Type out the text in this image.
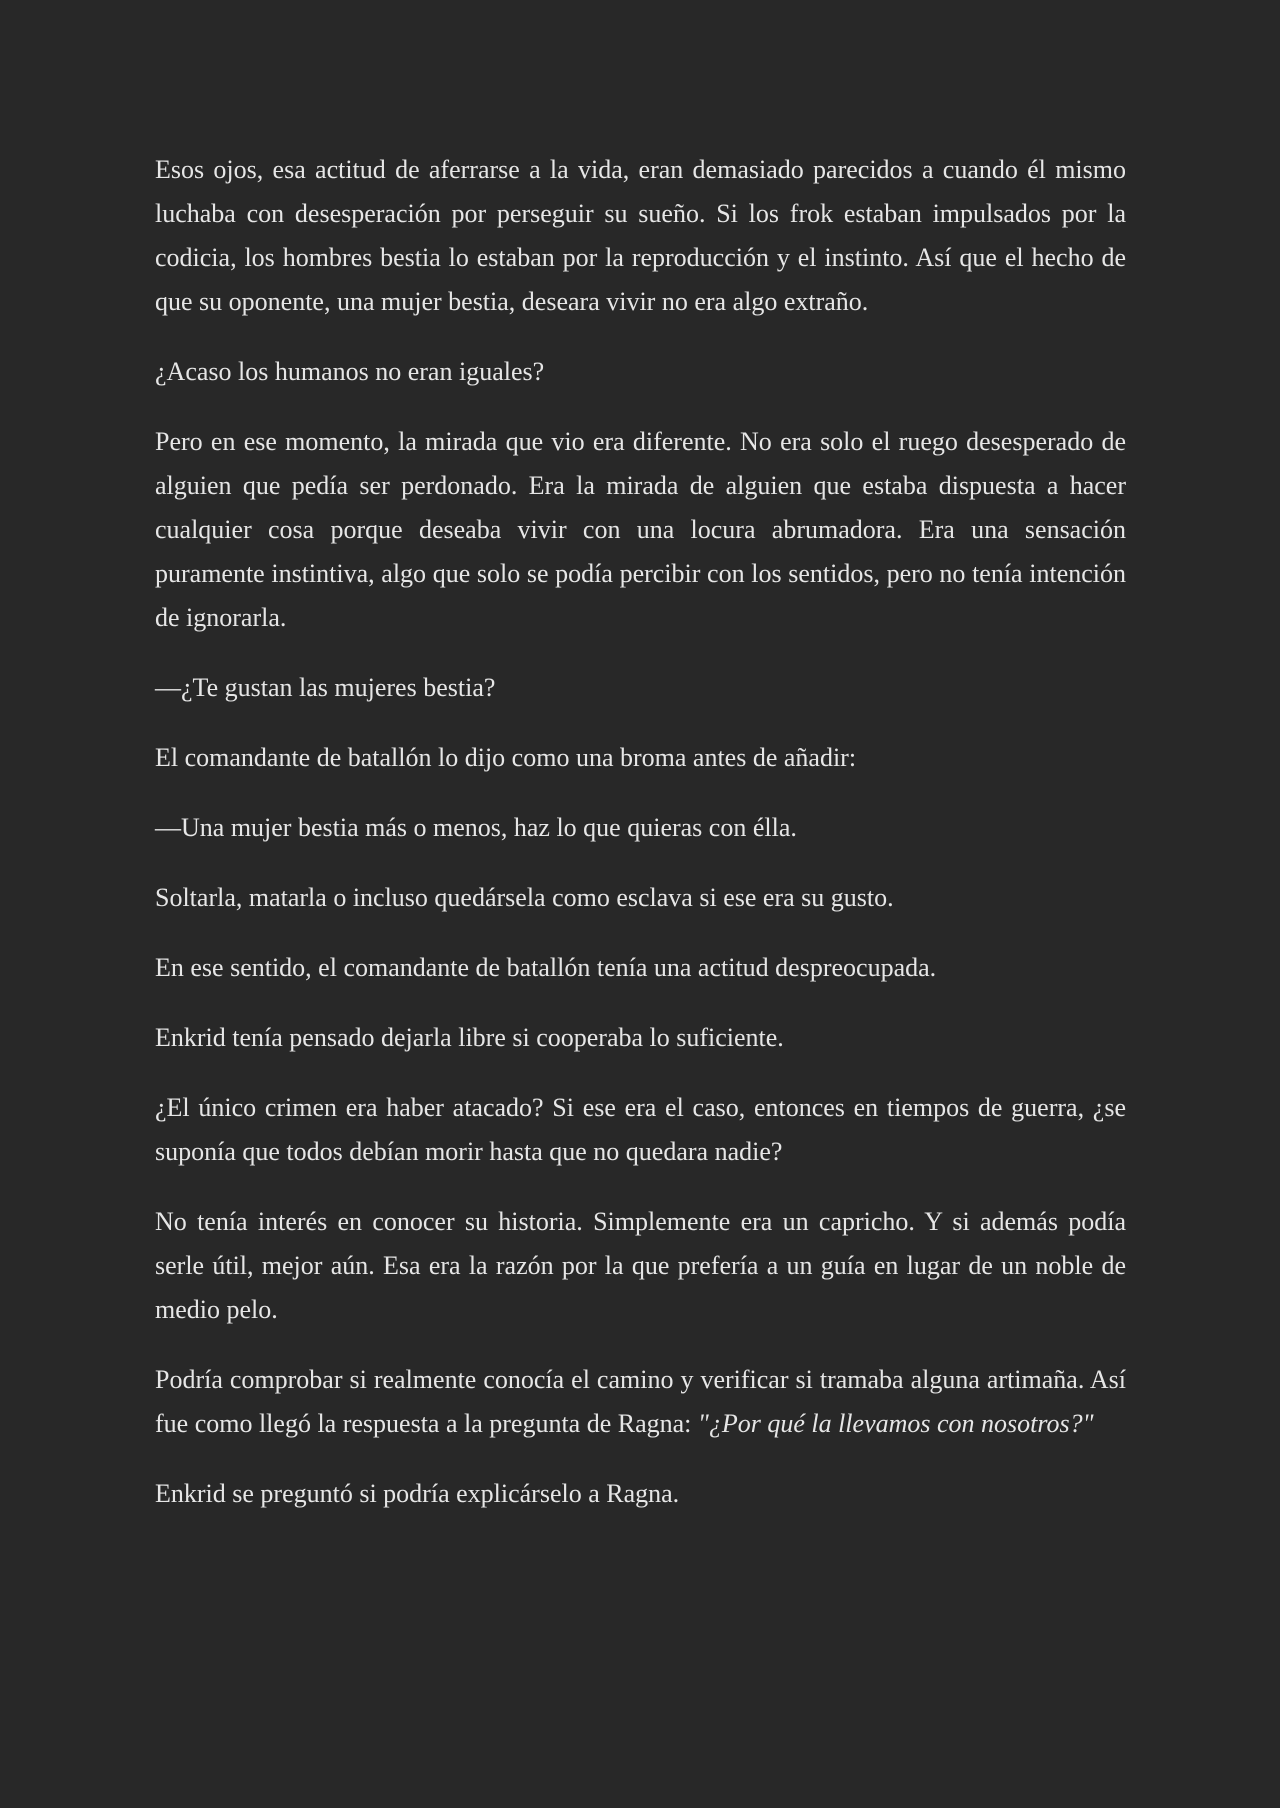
Esos ojos, esa actitud de aferrarse a la vida, eran demasiado parecidos a cuando él mismo luchaba con desesperación por perseguir su sueño. Si los frok estaban impulsados por la codicia, los hombres bestia lo estaban por la reproducción y el instinto. Así que el hecho de que su oponente, una mujer bestia, deseara vivir no era algo extraño.

¿Acaso los humanos no eran iguales?

Pero en ese momento, la mirada que vio era diferente. No era solo el ruego desesperado de alguien que pedía ser perdonado. Era la mirada de alguien que estaba dispuesta a hacer cualquier cosa porque deseaba vivir con una locura abrumadora. Era una sensación puramente instintiva, algo que solo se podía percibir con los sentidos, pero no tenía intención de ignorarla.

—¿Te gustan las mujeres bestia?

El comandante de batallón lo dijo como una broma antes de añadir:

—Una mujer bestia más o menos, haz lo que quieras con élla.

Soltarla, matarla o incluso quedársela como esclava si ese era su gusto.

En ese sentido, el comandante de batallón tenía una actitud despreocupada.

Enkrid tenía pensado dejarla libre si cooperaba lo suficiente.

¿El único crimen era haber atacado? Si ese era el caso, entonces en tiempos de guerra, ¿se suponía que todos debían morir hasta que no quedara nadie?

No tenía interés en conocer su historia. Simplemente era un capricho. Y si además podía serle útil, mejor aún. Esa era la razón por la que prefería a un guía en lugar de un noble de medio pelo.

Podría comprobar si realmente conocía el camino y verificar si tramaba alguna artimaña. Así fue como llegó la respuesta a la pregunta de Ragna: "¿Por qué la llevamos con nosotros?"

Enkrid se preguntó si podría explicárselo a Ragna.
